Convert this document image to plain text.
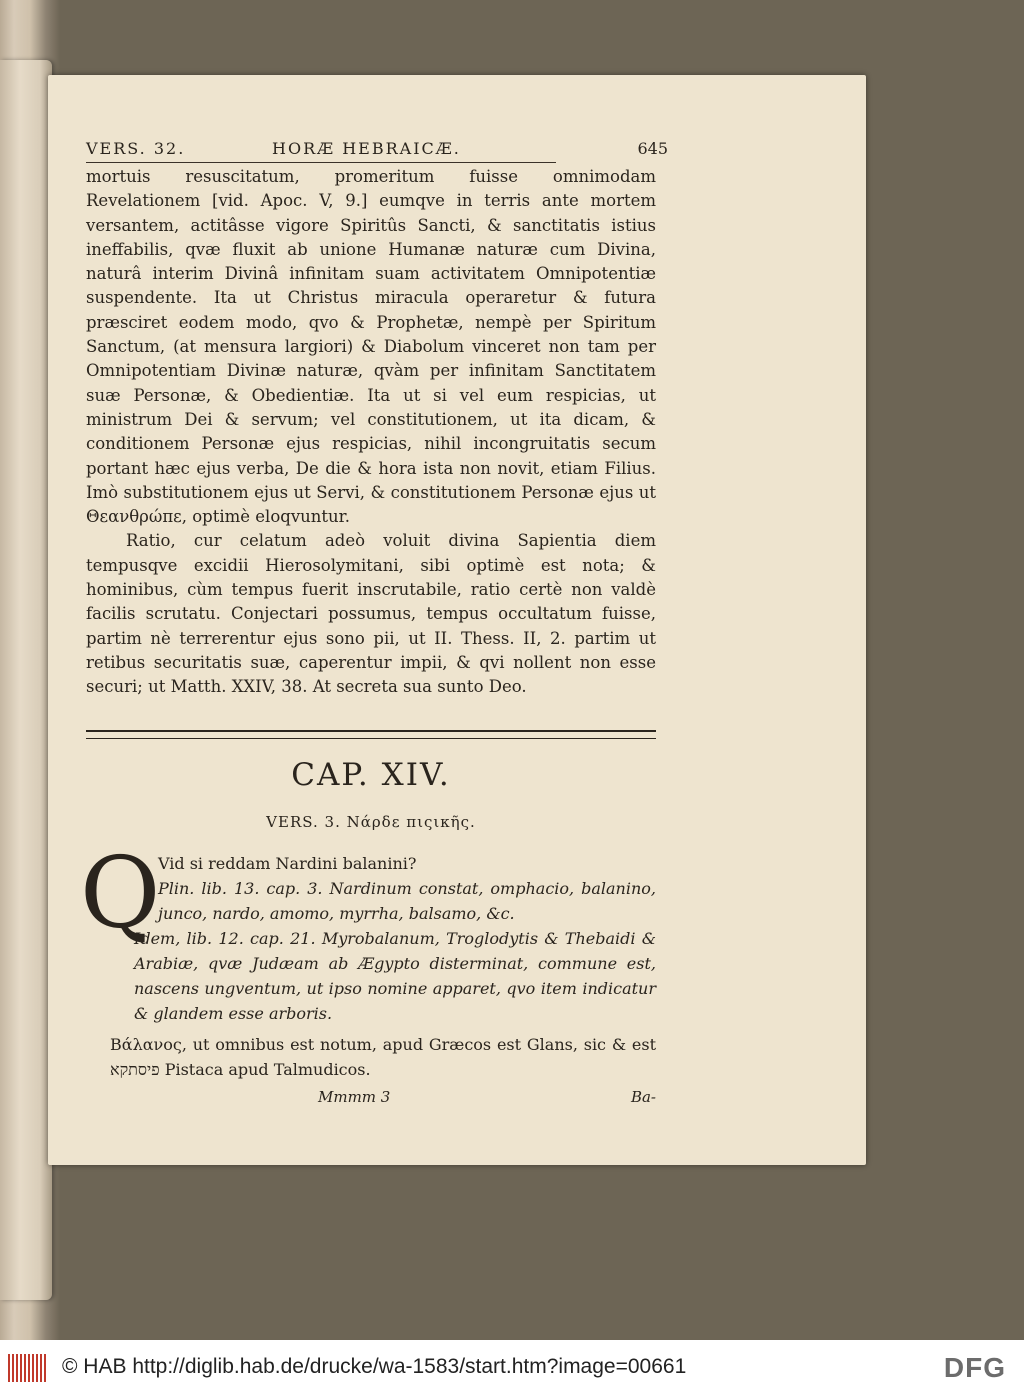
VERS. 32.	HORÆ HEBRAICÆ.	645

mortuis resuscitatum, promeritum fuisse omnimodam Revelationem [vid. Apoc. V, 9.] eumqve in terris ante mortem versantem, actitâsse vigore Spiritûs Sancti, & sanctitatis istius ineffabilis, qvæ fluxit ab unione Humanæ naturæ cum Divina, naturâ interim Divinâ infinitam suam activitatem Omnipotentiæ suspendente. Ita ut Christus miracula operaretur & futura præsciret eodem modo, qvo & Prophetæ, nempè per Spiritum Sanctum, (at mensura largiori) & Diabolum vinceret non tam per Omnipotentiam Divinæ naturæ, qvàm per infinitam Sanctitatem suæ Personæ, & Obedientiæ. Ita ut si vel eum respicias, ut ministrum Dei & servum; vel constitutionem, ut ita dicam, & conditionem Personæ ejus respicias, nihil incongruitatis secum portant hæc ejus verba, De die & hora ista non novit, etiam Filius. Imò substitutionem ejus ut Servi, & constitutionem Personæ ejus ut Θεανθρώπε, optimè eloqvuntur.

Ratio, cur celatum adeò voluit divina Sapientia diem tempusqve excidii Hierosolymitani, sibi optimè est nota; & hominibus, cùm tempus fuerit inscrutabile, ratio certè non valdè facilis scrutatu. Conjectari possumus, tempus occultatum fuisse, partim nè terrerentur ejus sono pii, ut II. Thess. II, 2. partim ut retibus securitatis suæ, caperentur impii, & qvi nollent non esse securi; ut Matth. XXIV, 38. At secreta sua sunto Deo.

CAP. XIV.
VERS. 3. Νάρδε πιςικῆς.
Q

Vid si reddam Nardini balanini?

Plin. lib. 13. cap. 3. Nardinum constat, omphacio, balanino, junco, nardo, amomo, myrrha, balsamo, &c.

Idem, lib. 12. cap. 21. Myrobalanum, Troglodytis & Thebaidi & Arabiæ, qvæ Judæam ab Ægypto disterminat, commune est, nascens ungventum, ut ipso nomine apparet, qvo item indicatur & glandem esse arboris.

Βάλανος, ut omnibus est notum, apud Græcos est Glans, sic & est פיסתקא Pistaca apud Talmudicos.

Mmmm 3	Ba-
© HAB http://diglib.hab.de/drucke/wa-1583/start.htm?image=00661	DFG
